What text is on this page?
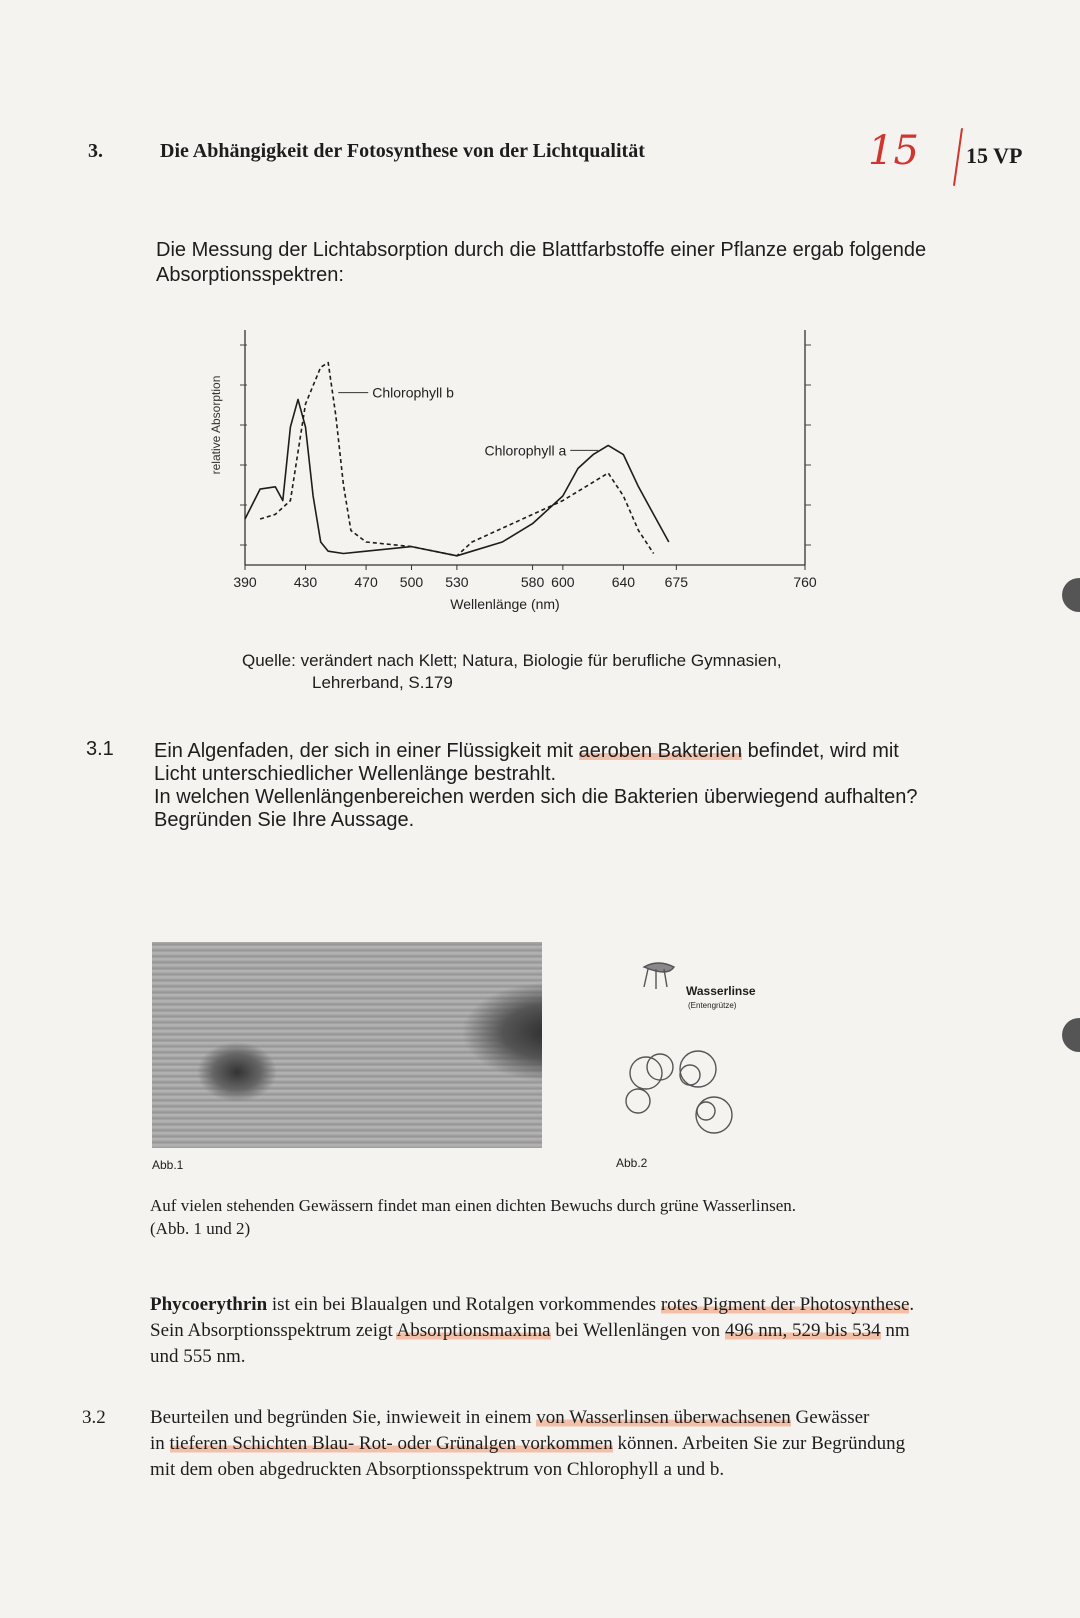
3.	Die Abhängigkeit der Fotosynthese von der Lichtqualität	15 15 VP
Die Messung der Lichtabsorption durch die Blattfarbstoffe einer Pflanze ergab folgende
Absorptionsspektren:
390	430	470 500 530	580 600	640 675	760
Wellenlänge (nm)
relative Absorption	Chlorophyll b
Chlorophyll a
Quelle: verändert nach Klett; Natura, Biologie für berufliche Gymnasien,
Lehrerband, S.179
3.1 Ein Algenfaden, der sich in einer Flüssigkeit mit aeroben Bakterien befindet, wird mit
Licht unterschiedlicher Wellenlänge bestrahlt.
In welchen Wellenlängenbereichen werden sich die Bakterien überwiegend aufhalten?
Begründen Sie Ihre Aussage.
Abb.1
Wasserlinse
(Entengrütze)
Abb.2
Auf vielen stehenden Gewässern findet man einen dichten Bewuchs durch grüne Wasserlinsen.
(Abb. 1 und 2)
Phycoerythrin ist ein bei Blaualgen und Rotalgen vorkommendes rotes Pigment der Photosynthese.
Sein Absorptionsspektrum zeigt Absorptionsmaxima bei Wellenlängen von 496 nm, 529 bis 534 nm
und 555 nm.
3.2 Beurteilen und begründen Sie, inwieweit in einem von Wasserlinsen überwachsenen Gewässer
in tieferen Schichten Blau- Rot- oder Grünalgen vorkommen können. Arbeiten Sie zur Begründung
mit dem oben abgedruckten Absorptionsspektrum von Chlorophyll a und b.
